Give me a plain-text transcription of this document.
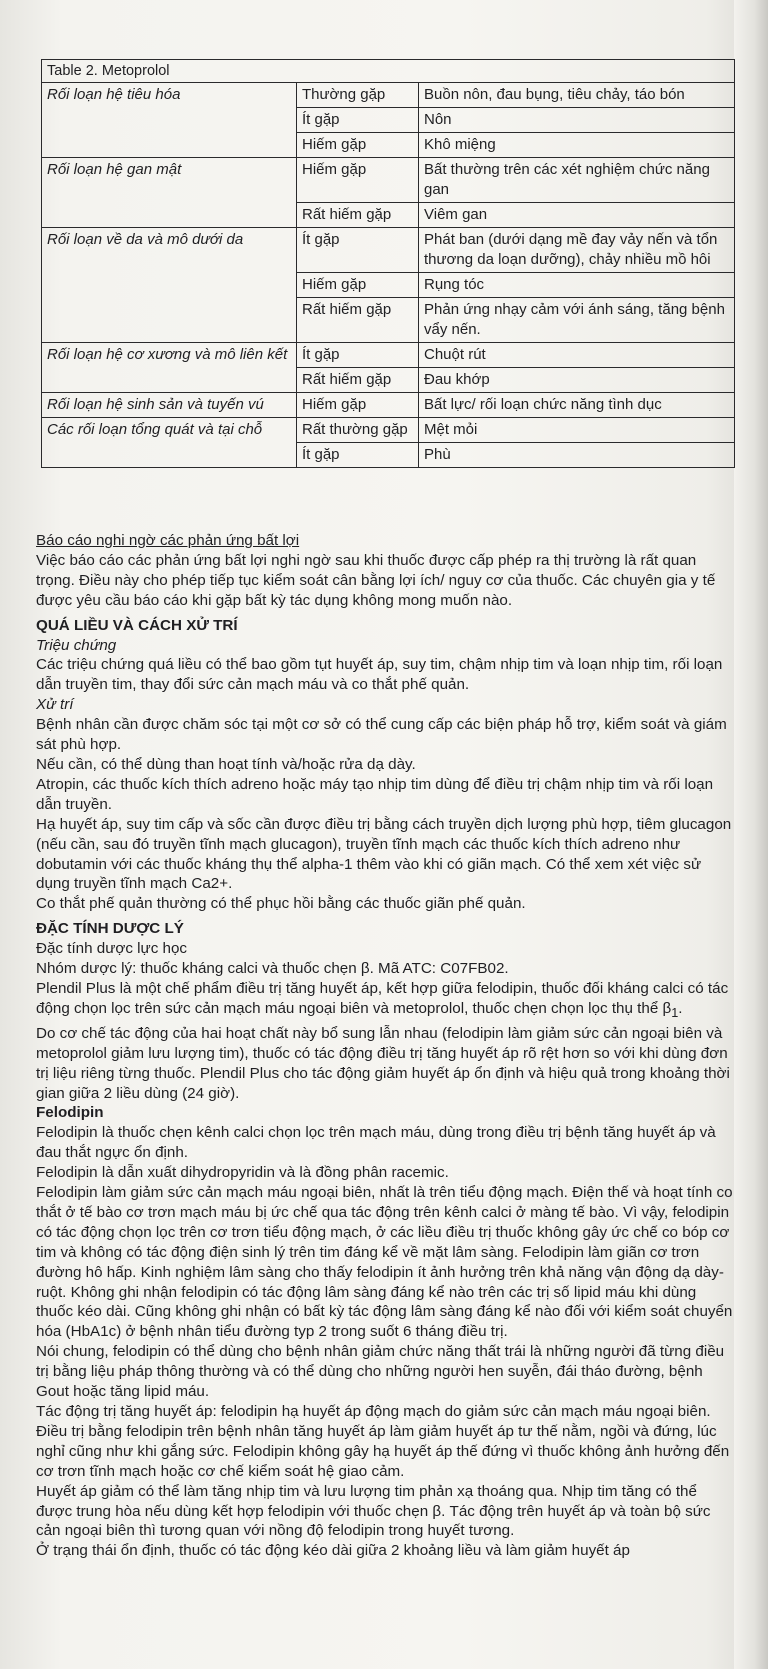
Table 2. Metoprolol		
Rối loạn hệ tiêu hóa	Thường gặp	Buồn nôn, đau bụng, tiêu chảy, táo bón
	Ít gặp	Nôn
	Hiếm gặp	Khô miệng
Rối loạn hệ gan mật	Hiếm gặp	Bất thường trên các xét nghiệm chức năng gan
	Rất hiếm gặp	Viêm gan
Rối loạn về da và mô dưới da	Ít gặp	Phát ban (dưới dạng mề đay vảy nến và tổn thương da loạn dưỡng), chảy nhiều mồ hôi
	Hiếm gặp	Rụng tóc
	Rất hiếm gặp	Phản ứng nhạy cảm với ánh sáng, tăng bệnh vẩy nến.
Rối loạn hệ cơ xương và mô liên kết	Ít gặp	Chuột rút
	Rất hiếm gặp	Đau khớp
Rối loạn hệ sinh sản và tuyến vú	Hiếm gặp	Bất lực/ rối loạn chức năng tình dục
Các rối loạn tổng quát và tại chỗ	Rất thường gặp	Mệt mỏi
	Ít gặp	Phù

Báo cáo nghi ngờ các phản ứng bất lợi

Việc báo cáo các phản ứng bất lợi nghi ngờ sau khi thuốc được cấp phép ra thị trường là rất quan trọng. Điều này cho phép tiếp tục kiểm soát cân bằng lợi ích/ nguy cơ của thuốc. Các chuyên gia y tế được yêu cầu báo cáo khi gặp bất kỳ tác dụng không mong muốn nào.

QUÁ LIỀU VÀ CÁCH XỬ TRÍ

Triệu chứng

Các triệu chứng quá liều có thể bao gồm tụt huyết áp, suy tim, chậm nhịp tim và loạn nhịp tim, rối loạn dẫn truyền tim, thay đổi sức cản mạch máu và co thắt phế quản.

Xử trí

Bệnh nhân cần được chăm sóc tại một cơ sở có thể cung cấp các biện pháp hỗ trợ, kiểm soát và giám sát phù hợp.

Nếu cần, có thể dùng than hoạt tính và/hoặc rửa dạ dày.

Atropin, các thuốc kích thích adreno hoặc máy tạo nhịp tim dùng để điều trị chậm nhịp tim và rối loạn dẫn truyền.

Hạ huyết áp, suy tim cấp và sốc cần được điều trị bằng cách truyền dịch lượng phù hợp, tiêm glucagon (nếu cần, sau đó truyền tĩnh mạch glucagon), truyền tĩnh mạch các thuốc kích thích adreno như dobutamin với các thuốc kháng thụ thể alpha-1 thêm vào khi có giãn mạch. Có thể xem xét việc sử dụng truyền tĩnh mạch Ca2+.

Co thắt phế quản thường có thể phục hồi bằng các thuốc giãn phế quản.

ĐẶC TÍNH DƯỢC LÝ

Đặc tính dược lực học

Nhóm dược lý: thuốc kháng calci và thuốc chẹn β. Mã ATC: C07FB02.

Plendil Plus là một chế phẩm điều trị tăng huyết áp, kết hợp giữa felodipin, thuốc đối kháng calci có tác động chọn lọc trên sức cản mạch máu ngoại biên và metoprolol, thuốc chẹn chọn lọc thụ thể $\beta_1$.

Do cơ chế tác động của hai hoạt chất này bổ sung lẫn nhau (felodipin làm giảm sức cản ngoại biên và metoprolol giảm lưu lượng tim), thuốc có tác động điều trị tăng huyết áp rõ rệt hơn so với khi dùng đơn trị liệu riêng từng thuốc. Plendil Plus cho tác động giảm huyết áp ổn định và hiệu quả trong khoảng thời gian giữa 2 liều dùng (24 giờ).

Felodipin

Felodipin là thuốc chẹn kênh calci chọn lọc trên mạch máu, dùng trong điều trị bệnh tăng huyết áp và đau thắt ngực ổn định.

Felodipin là dẫn xuất dihydropyridin và là đồng phân racemic.

Felodipin làm giảm sức cản mạch máu ngoại biên, nhất là trên tiểu động mạch. Điện thế và hoạt tính co thắt ở tế bào cơ trơn mạch máu bị ức chế qua tác động trên kênh calci ở màng tế bào. Vì vậy, felodipin có tác động chọn lọc trên cơ trơn tiểu động mạch, ở các liều điều trị thuốc không gây ức chế co bóp cơ tim và không có tác động điện sinh lý trên tim đáng kể về mặt lâm sàng. Felodipin làm giãn cơ trơn đường hô hấp. Kinh nghiệm lâm sàng cho thấy felodipin ít ảnh hưởng trên khả năng vận động dạ dày-ruột. Không ghi nhận felodipin có tác động lâm sàng đáng kể nào trên các trị số lipid máu khi dùng thuốc kéo dài. Cũng không ghi nhận có bất kỳ tác động lâm sàng đáng kể nào đối với kiểm soát chuyển hóa (HbA1c) ở bệnh nhân tiểu đường typ 2 trong suốt 6 tháng điều trị.

Nói chung, felodipin có thể dùng cho bệnh nhân giảm chức năng thất trái là những người đã từng điều trị bằng liệu pháp thông thường và có thể dùng cho những người hen suyễn, đái tháo đường, bệnh Gout hoặc tăng lipid máu.

Tác động trị tăng huyết áp: felodipin hạ huyết áp động mạch do giảm sức cản mạch máu ngoại biên. Điều trị bằng felodipin trên bệnh nhân tăng huyết áp làm giảm huyết áp tư thế nằm, ngồi và đứng, lúc nghỉ cũng như khi gắng sức. Felodipin không gây hạ huyết áp thế đứng vì thuốc không ảnh hưởng đến cơ trơn tĩnh mạch hoặc cơ chế kiểm soát hệ giao cảm.

Huyết áp giảm có thể làm tăng nhịp tim và lưu lượng tim phản xạ thoáng qua. Nhịp tim tăng có thể được trung hòa nếu dùng kết hợp felodipin với thuốc chẹn β. Tác động trên huyết áp và toàn bộ sức cản ngoại biên thì tương quan với nồng độ felodipin trong huyết tương.

Ở trạng thái ổn định, thuốc có tác động kéo dài giữa 2 khoảng liều và làm giảm huyết áp
